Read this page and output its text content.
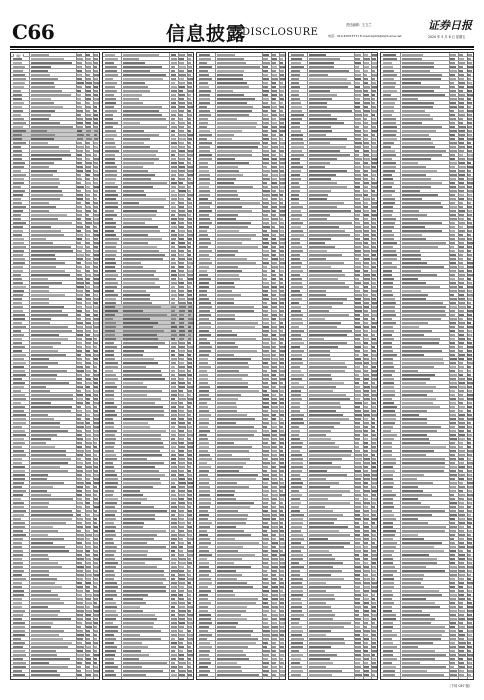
C66	信息披露
DISCLOSURE
责任编辑：王文兰
电话：010-63073771 E-mail:zqrb9@zqrb.sina.net
证券日报
2020 年 5 月 8 日 星期五
（续）
（下转 C67 版）
